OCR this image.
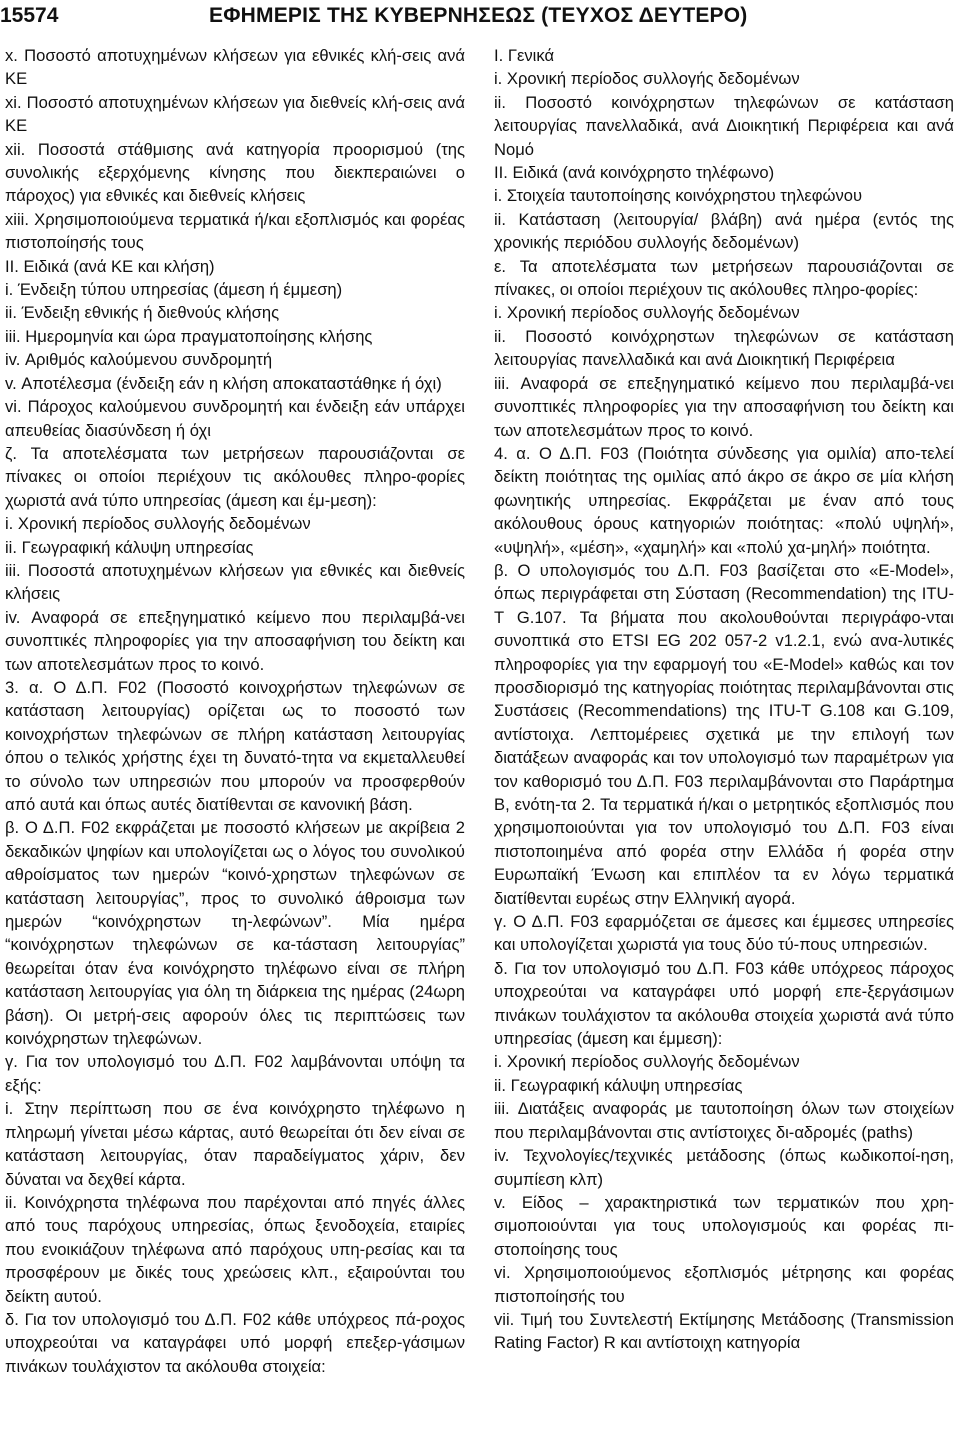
15574	ΕΦΗΜΕΡΙΣ ΤΗΣ ΚΥΒΕΡΝΗΣΕΩΣ (ΤΕΥΧΟΣ ΔΕΥΤΕΡΟ)

x. Ποσοστό αποτυχημένων κλήσεων για εθνικές κλή-σεις ανά ΚΕ

xi. Ποσοστό αποτυχημένων κλήσεων για διεθνείς κλή-σεις ανά ΚΕ

xii. Ποσοστά στάθμισης ανά κατηγορία προορισμού (της συνολικής εξερχόμενης κίνησης που διεκπεραιώνει ο πάροχος) για εθνικές και διεθνείς κλήσεις

xiii. Χρησιμοποιούμενα τερματικά ή/και εξοπλισμός και φορέας πιστοποίησής τους

ΙΙ. Ειδικά (ανά ΚΕ και κλήση)

i. Ένδειξη τύπου υπηρεσίας (άμεση ή έμμεση)

ii. Ένδειξη εθνικής ή διεθνούς κλήσης

iii. Ημερομηνία και ώρα πραγματοποίησης κλήσης

iv. Αριθμός καλούμενου συνδρομητή

v. Αποτέλεσμα (ένδειξη εάν η κλήση αποκαταστάθηκε ή όχι)

vi. Πάροχος καλούμενου συνδρομητή και ένδειξη εάν υπάρχει απευθείας διασύνδεση ή όχι

ζ. Τα αποτελέσματα των μετρήσεων παρουσιάζονται σε πίνακες οι οποίοι περιέχουν τις ακόλουθες πληρο-φορίες χωριστά ανά τύπο υπηρεσίας (άμεση και έμ-μεση):

i. Χρονική περίοδος συλλογής δεδομένων

ii. Γεωγραφική κάλυψη υπηρεσίας

iii. Ποσοστά αποτυχημένων κλήσεων για εθνικές και διεθνείς κλήσεις

iv. Αναφορά σε επεξηγηματικό κείμενο που περιλαμβά-νει συνοπτικές πληροφορίες για την αποσαφήνιση του δείκτη και των αποτελεσμάτων προς το κοινό.

3. α. Ο Δ.Π. F02 (Ποσοστό κοινοχρήστων τηλεφώνων σε κατάσταση λειτουργίας) ορίζεται ως το ποσοστό των κοινοχρήστων τηλεφώνων σε πλήρη κατάσταση λειτουργίας όπου ο τελικός χρήστης έχει τη δυνατό-τητα να εκμεταλλευθεί το σύνολο των υπηρεσιών που μπορούν να προσφερθούν από αυτά και όπως αυτές διατίθενται σε κανονική βάση.

β. Ο Δ.Π. F02 εκφράζεται με ποσοστό κλήσεων με ακρίβεια 2 δεκαδικών ψηφίων και υπολογίζεται ως ο λόγος του συνολικού αθροίσματος των ημερών “κοινό-χρηστων τηλεφώνων σε κατάσταση λειτουργίας”, προς το συνολικό άθροισμα των ημερών “κοινόχρηστων τη-λεφώνων”. Μία ημέρα “κοινόχρηστων τηλεφώνων σε κα-τάσταση λειτουργίας” θεωρείται όταν ένα κοινόχρηστο τηλέφωνο είναι σε πλήρη κατάσταση λειτουργίας για όλη τη διάρκεια της ημέρας (24ωρη βάση). Οι μετρή-σεις αφορούν όλες τις περιπτώσεις των κοινόχρηστων τηλεφώνων.

γ. Για τον υπολογισμό του Δ.Π. F02 λαμβάνονται υπόψη τα εξής:

i. Στην περίπτωση που σε ένα κοινόχρηστο τηλέφωνο η πληρωμή γίνεται μέσω κάρτας, αυτό θεωρείται ότι δεν είναι σε κατάσταση λειτουργίας, όταν παραδείγματος χάριν, δεν δύναται να δεχθεί κάρτα.

ii. Κοινόχρηστα τηλέφωνα που παρέχονται από πηγές άλλες από τους παρόχους υπηρεσίας, όπως ξενοδοχεία, εταιρίες που ενοικιάζουν τηλέφωνα από παρόχους υπη-ρεσίας και τα προσφέρουν με δικές τους χρεώσεις κλπ., εξαιρούνται του δείκτη αυτού.

δ. Για τον υπολογισμό του Δ.Π. F02 κάθε υπόχρεος πά-ροχος υποχρεούται να καταγράφει υπό μορφή επεξερ-γάσιμων πινάκων τουλάχιστον τα ακόλουθα στοιχεία:

Ι. Γενικά

i. Χρονική περίοδος συλλογής δεδομένων

ii. Ποσοστό κοινόχρηστων τηλεφώνων σε κατάσταση λειτουργίας πανελλαδικά, ανά Διοικητική Περιφέρεια και ανά Νομό

ΙΙ. Ειδικά (ανά κοινόχρηστο τηλέφωνο)

i. Στοιχεία ταυτοποίησης κοινόχρηστου τηλεφώνου

ii. Κατάσταση (λειτουργία/ βλάβη) ανά ημέρα (εντός της χρονικής περιόδου συλλογής δεδομένων)

ε. Τα αποτελέσματα των μετρήσεων παρουσιάζονται σε πίνακες, οι οποίοι περιέχουν τις ακόλουθες πληρο-φορίες:

i. Χρονική περίοδος συλλογής δεδομένων

ii. Ποσοστό κοινόχρηστων τηλεφώνων σε κατάσταση λειτουργίας πανελλαδικά και ανά Διοικητική Περιφέρεια

iii. Αναφορά σε επεξηγηματικό κείμενο που περιλαμβά-νει συνοπτικές πληροφορίες για την αποσαφήνιση του δείκτη και των αποτελεσμάτων προς το κοινό.

4. α. Ο Δ.Π. F03 (Ποιότητα σύνδεσης για ομιλία) απο-τελεί δείκτη ποιότητας της ομιλίας από άκρο σε άκρο σε μία κλήση φωνητικής υπηρεσίας. Εκφράζεται με έναν από τους ακόλουθους όρους κατηγοριών ποιότητας: «πολύ υψηλή», «υψηλή», «μέση», «χαμηλή» και «πολύ χα-μηλή» ποιότητα.

β. Ο υπολογισμός του Δ.Π. F03 βασίζεται στο «E-Model», όπως περιγράφεται στη Σύσταση (Recommendation) της ITU-T G.107. Τα βήματα που ακολουθούνται περιγράφο-νται συνοπτικά στο ETSI EG 202 057-2 v1.2.1, ενώ ανα-λυτικές πληροφορίες για την εφαρμογή του «E-Model» καθώς και τον προσδιορισμό της κατηγορίας ποιότητας περιλαμβάνονται στις Συστάσεις (Recommendations) της ITU-T G.108 και G.109, αντίστοιχα. Λεπτομέρειες σχετικά με την επιλογή των διατάξεων αναφοράς και τον υπολογισμό των παραμέτρων για τον καθορισμό του Δ.Π. F03 περιλαμβάνονται στο Παράρτημα Β, ενότη-τα 2. Τα τερματικά ή/και ο μετρητικός εξοπλισμός που χρησιμοποιούνται για τον υπολογισμό του Δ.Π. F03 είναι πιστοποιημένα από φορέα στην Ελλάδα ή φορέα στην Ευρωπαϊκή Ένωση και επιπλέον τα εν λόγω τερματικά διατίθενται ευρέως στην Ελληνική αγορά.

γ. Ο Δ.Π. F03 εφαρμόζεται σε άμεσες και έμμεσες υπηρεσίες και υπολογίζεται χωριστά για τους δύο τύ-πους υπηρεσιών.

δ. Για τον υπολογισμό του Δ.Π. F03 κάθε υπόχρεος πάροχος υποχρεούται να καταγράφει υπό μορφή επε-ξεργάσιμων πινάκων τουλάχιστον τα ακόλουθα στοιχεία χωριστά ανά τύπο υπηρεσίας (άμεση και έμμεση):

i. Χρονική περίοδος συλλογής δεδομένων

ii. Γεωγραφική κάλυψη υπηρεσίας

iii. Διατάξεις αναφοράς με ταυτοποίηση όλων των στοιχείων που περιλαμβάνονται στις αντίστοιχες δι-αδρομές (paths)

iv. Τεχνολογίες/τεχνικές μετάδοσης (όπως κωδικοποί-ηση, συμπίεση κλπ)

v. Είδος – χαρακτηριστικά των τερματικών που χρη-σιμοποιούνται για τους υπολογισμούς και φορέας πι-στοποίησης τους

vi. Χρησιμοποιούμενος εξοπλισμός μέτρησης και φορέας πιστοποίησής του

vii. Τιμή του Συντελεστή Εκτίμησης Μετάδοσης (Transmission Rating Factor) R και αντίστοιχη κατηγορία
